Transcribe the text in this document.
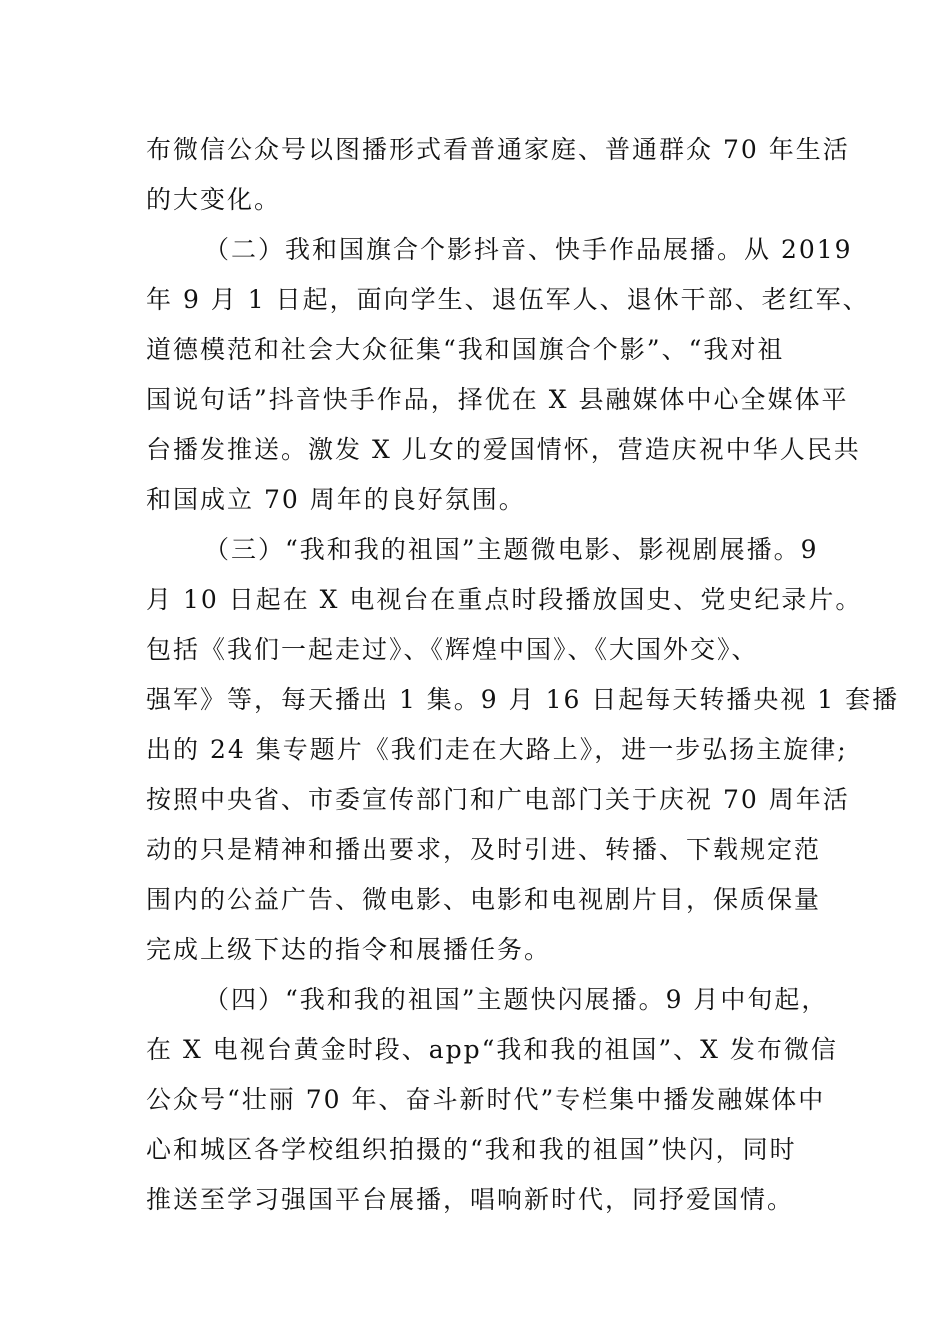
布微信公众号以图播形式看普通家庭、普通群众 70 年生活
的大变化。
（二）我和国旗合个影抖音、快手作品展播。从 2019
年 9 月 1 日起，面向学生、退伍军人、退休干部、老红军、
道德模范和社会大众征集“我和国旗合个影”、“我对祖
国说句话”抖音快手作品，择优在 X 县融媒体中心全媒体平
台播发推送。激发 X 儿女的爱国情怀，营造庆祝中华人民共
和国成立 70 周年的良好氛围。
（三）“我和我的祖国”主题微电影、影视剧展播。9
月 10 日起在 X 电视台在重点时段播放国史、党史纪录片。
包括《我们一起走过》、《辉煌中国》、《大国外交》、
强军》等，每天播出 1 集。9 月 16 日起每天转播央视 1 套播
出的 24 集专题片《我们走在大路上》，进一步弘扬主旋律;
按照中央省、市委宣传部门和广电部门关于庆祝 70 周年活
动的只是精神和播出要求，及时引进、转播、下载规定范
围内的公益广告、微电影、电影和电视剧片目，保质保量
完成上级下达的指令和展播任务。
（四）“我和我的祖国”主题快闪展播。9 月中旬起，
在 X 电视台黄金时段、app“我和我的祖国”、X 发布微信
公众号“壮丽 70 年、奋斗新时代”专栏集中播发融媒体中
心和城区各学校组织拍摄的“我和我的祖国”快闪，同时
推送至学习强国平台展播，唱响新时代，同抒爱国情。
